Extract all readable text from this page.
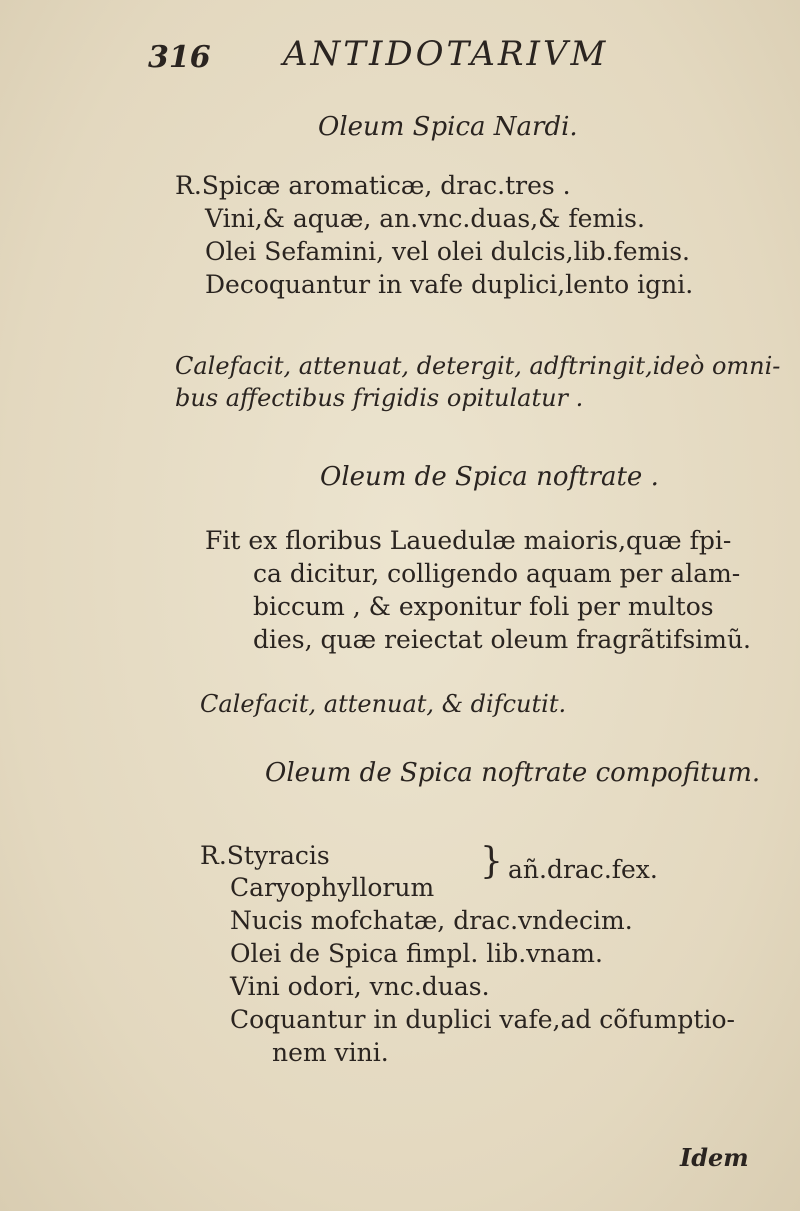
316 ANTIDOTARIVM
Oleum Spica Nardi.
R.Spicæ aromaticæ, drac.tres .
Vini,& aquæ, an.vnc.duas,& femis.
Olei Sefamini, vel olei dulcis,lib.femis.
Decoquantur in vafe duplici,lento igni.
Calefacit, attenuat, detergit, adftringit,ideò omni-
bus affectibus frigidis opitulatur .
Oleum de Spica noftrate .
Fit ex floribus Lauedulæ maioris,quæ fpi-
ca dicitur, colligendo aquam per alam-
biccum , & exponitur foli per multos
dies, quæ reiectat oleum fragrãtifsimũ.
Calefacit, attenuat, & difcutit.
Oleum de Spica noftrate compofitum.
R.Styracis
Caryophyllorum
} añ.drac.fex.
Nucis mofchatæ, drac.vndecim.
Olei de Spica fimpl. lib.vnam.
Vini odori, vnc.duas.
Coquantur in duplici vafe,ad cõfumptio-
nem vini.
Idem
